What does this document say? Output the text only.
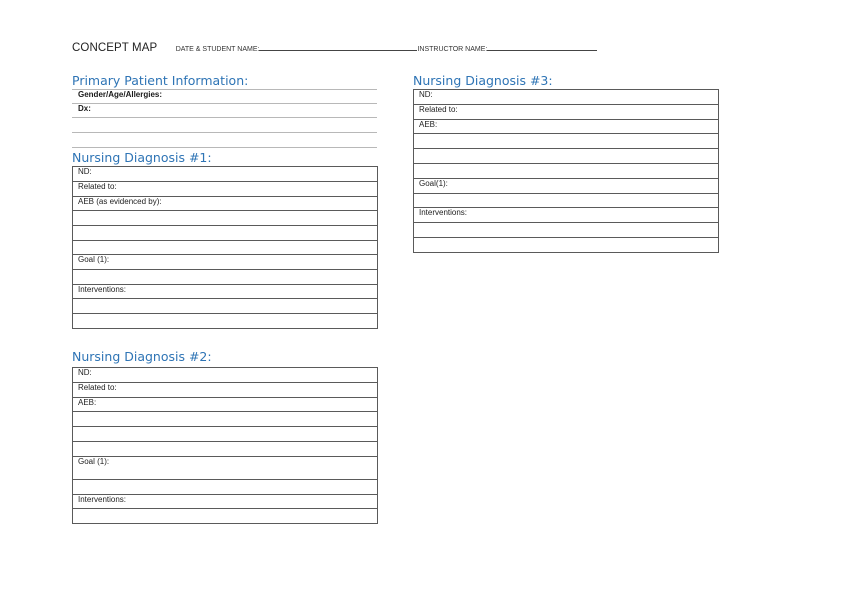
CONCEPT MAP	DATE & STUDENT NAME:	INSTRUCTOR NAME:
Primary Patient Information:
Gender/Age/Allergies:
Dx:
Nursing Diagnosis #1:
ND:
Related to:
AEB (as evidenced by):

Goal (1):

Interventions:

Nursing Diagnosis #2:
ND:
Related to:
AEB:

Goal (1):

Interventions:

Nursing Diagnosis #3:
ND:
Related to:
AEB:

Goal(1):

Interventions:
